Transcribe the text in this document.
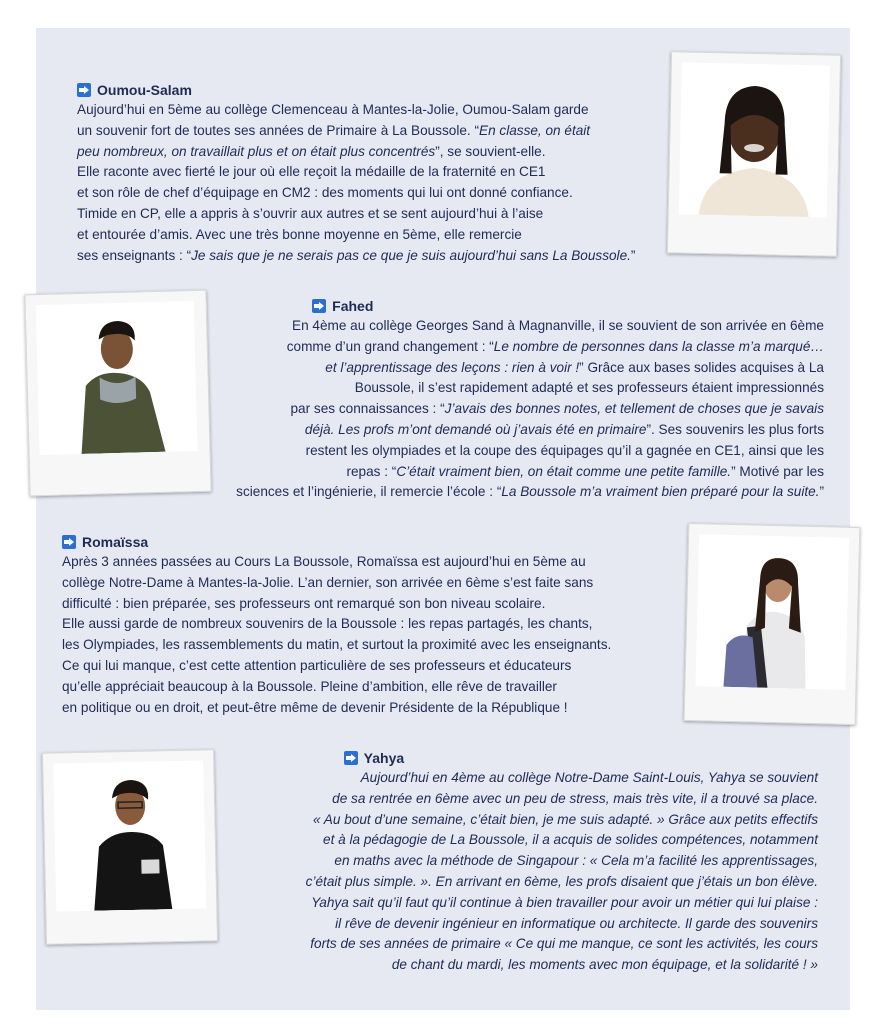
Oumou-Salam

Aujourd’hui en 5ème au collège Clemenceau à Mantes-la-Jolie, Oumou-Salam garde

un souvenir fort de toutes ses années de Primaire à La Boussole. “En classe, on était

peu nombreux, on travaillait plus et on était plus concentrés”, se souvient-elle.

Elle raconte avec fierté le jour où elle reçoit la médaille de la fraternité en CE1

et son rôle de chef d’équipage en CM2 : des moments qui lui ont donné confiance.

Timide en CP, elle a appris à s’ouvrir aux autres et se sent aujourd’hui à l’aise

et entourée d’amis. Avec une très bonne moyenne en 5ème, elle remercie

ses enseignants : “Je sais que je ne serais pas ce que je suis aujourd’hui sans La Boussole.”

Fahed

En 4ème au collège Georges Sand à Magnanville, il se souvient de son arrivée en 6ème

comme d’un grand changement : “Le nombre de personnes dans la classe m’a marqué…

et l’apprentissage des leçons : rien à voir !” Grâce aux bases solides acquises à La

Boussole, il s’est rapidement adapté et ses professeurs étaient impressionnés

par ses connaissances : “J’avais des bonnes notes, et tellement de choses que je savais

déjà. Les profs m’ont demandé où j’avais été en primaire”. Ses souvenirs les plus forts

restent les olympiades et la coupe des équipages qu’il a gagnée en CE1, ainsi que les

repas : “C’était vraiment bien, on était comme une petite famille.” Motivé par les

sciences et l’ingénierie, il remercie l’école : “La Boussole m’a vraiment bien préparé pour la suite.”

Romaïssa

Après 3 années passées au Cours La Boussole, Romaïssa est aujourd’hui en 5ème au

collège Notre-Dame à Mantes-la-Jolie. L’an dernier, son arrivée en 6ème s’est faite sans

difficulté : bien préparée, ses professeurs ont remarqué son bon niveau scolaire.

Elle aussi garde de nombreux souvenirs de la Boussole : les repas partagés, les chants,

les Olympiades, les rassemblements du matin, et surtout la proximité avec les enseignants.

Ce qui lui manque, c’est cette attention particulière de ses professeurs et éducateurs

qu’elle appréciait beaucoup à la Boussole. Pleine d’ambition, elle rêve de travailler

en politique ou en droit, et peut-être même de devenir Présidente de la République !

Yahya

Aujourd’hui en 4ème au collège Notre-Dame Saint-Louis, Yahya se souvient

de sa rentrée en 6ème avec un peu de stress, mais très vite, il a trouvé sa place.

« Au bout d’une semaine, c’était bien, je me suis adapté. » Grâce aux petits effectifs

et à la pédagogie de La Boussole, il a acquis de solides compétences, notamment

en maths avec la méthode de Singapour : « Cela m’a facilité les apprentissages,

c’était plus simple. ». En arrivant en 6ème, les profs disaient que j’étais un bon élève.

Yahya sait qu’il faut qu’il continue à bien travailler pour avoir un métier qui lui plaise :

il rêve de devenir ingénieur en informatique ou architecte. Il garde des souvenirs

forts de ses années de primaire « Ce qui me manque, ce sont les activités, les cours

de chant du mardi, les moments avec mon équipage, et la solidarité ! »
